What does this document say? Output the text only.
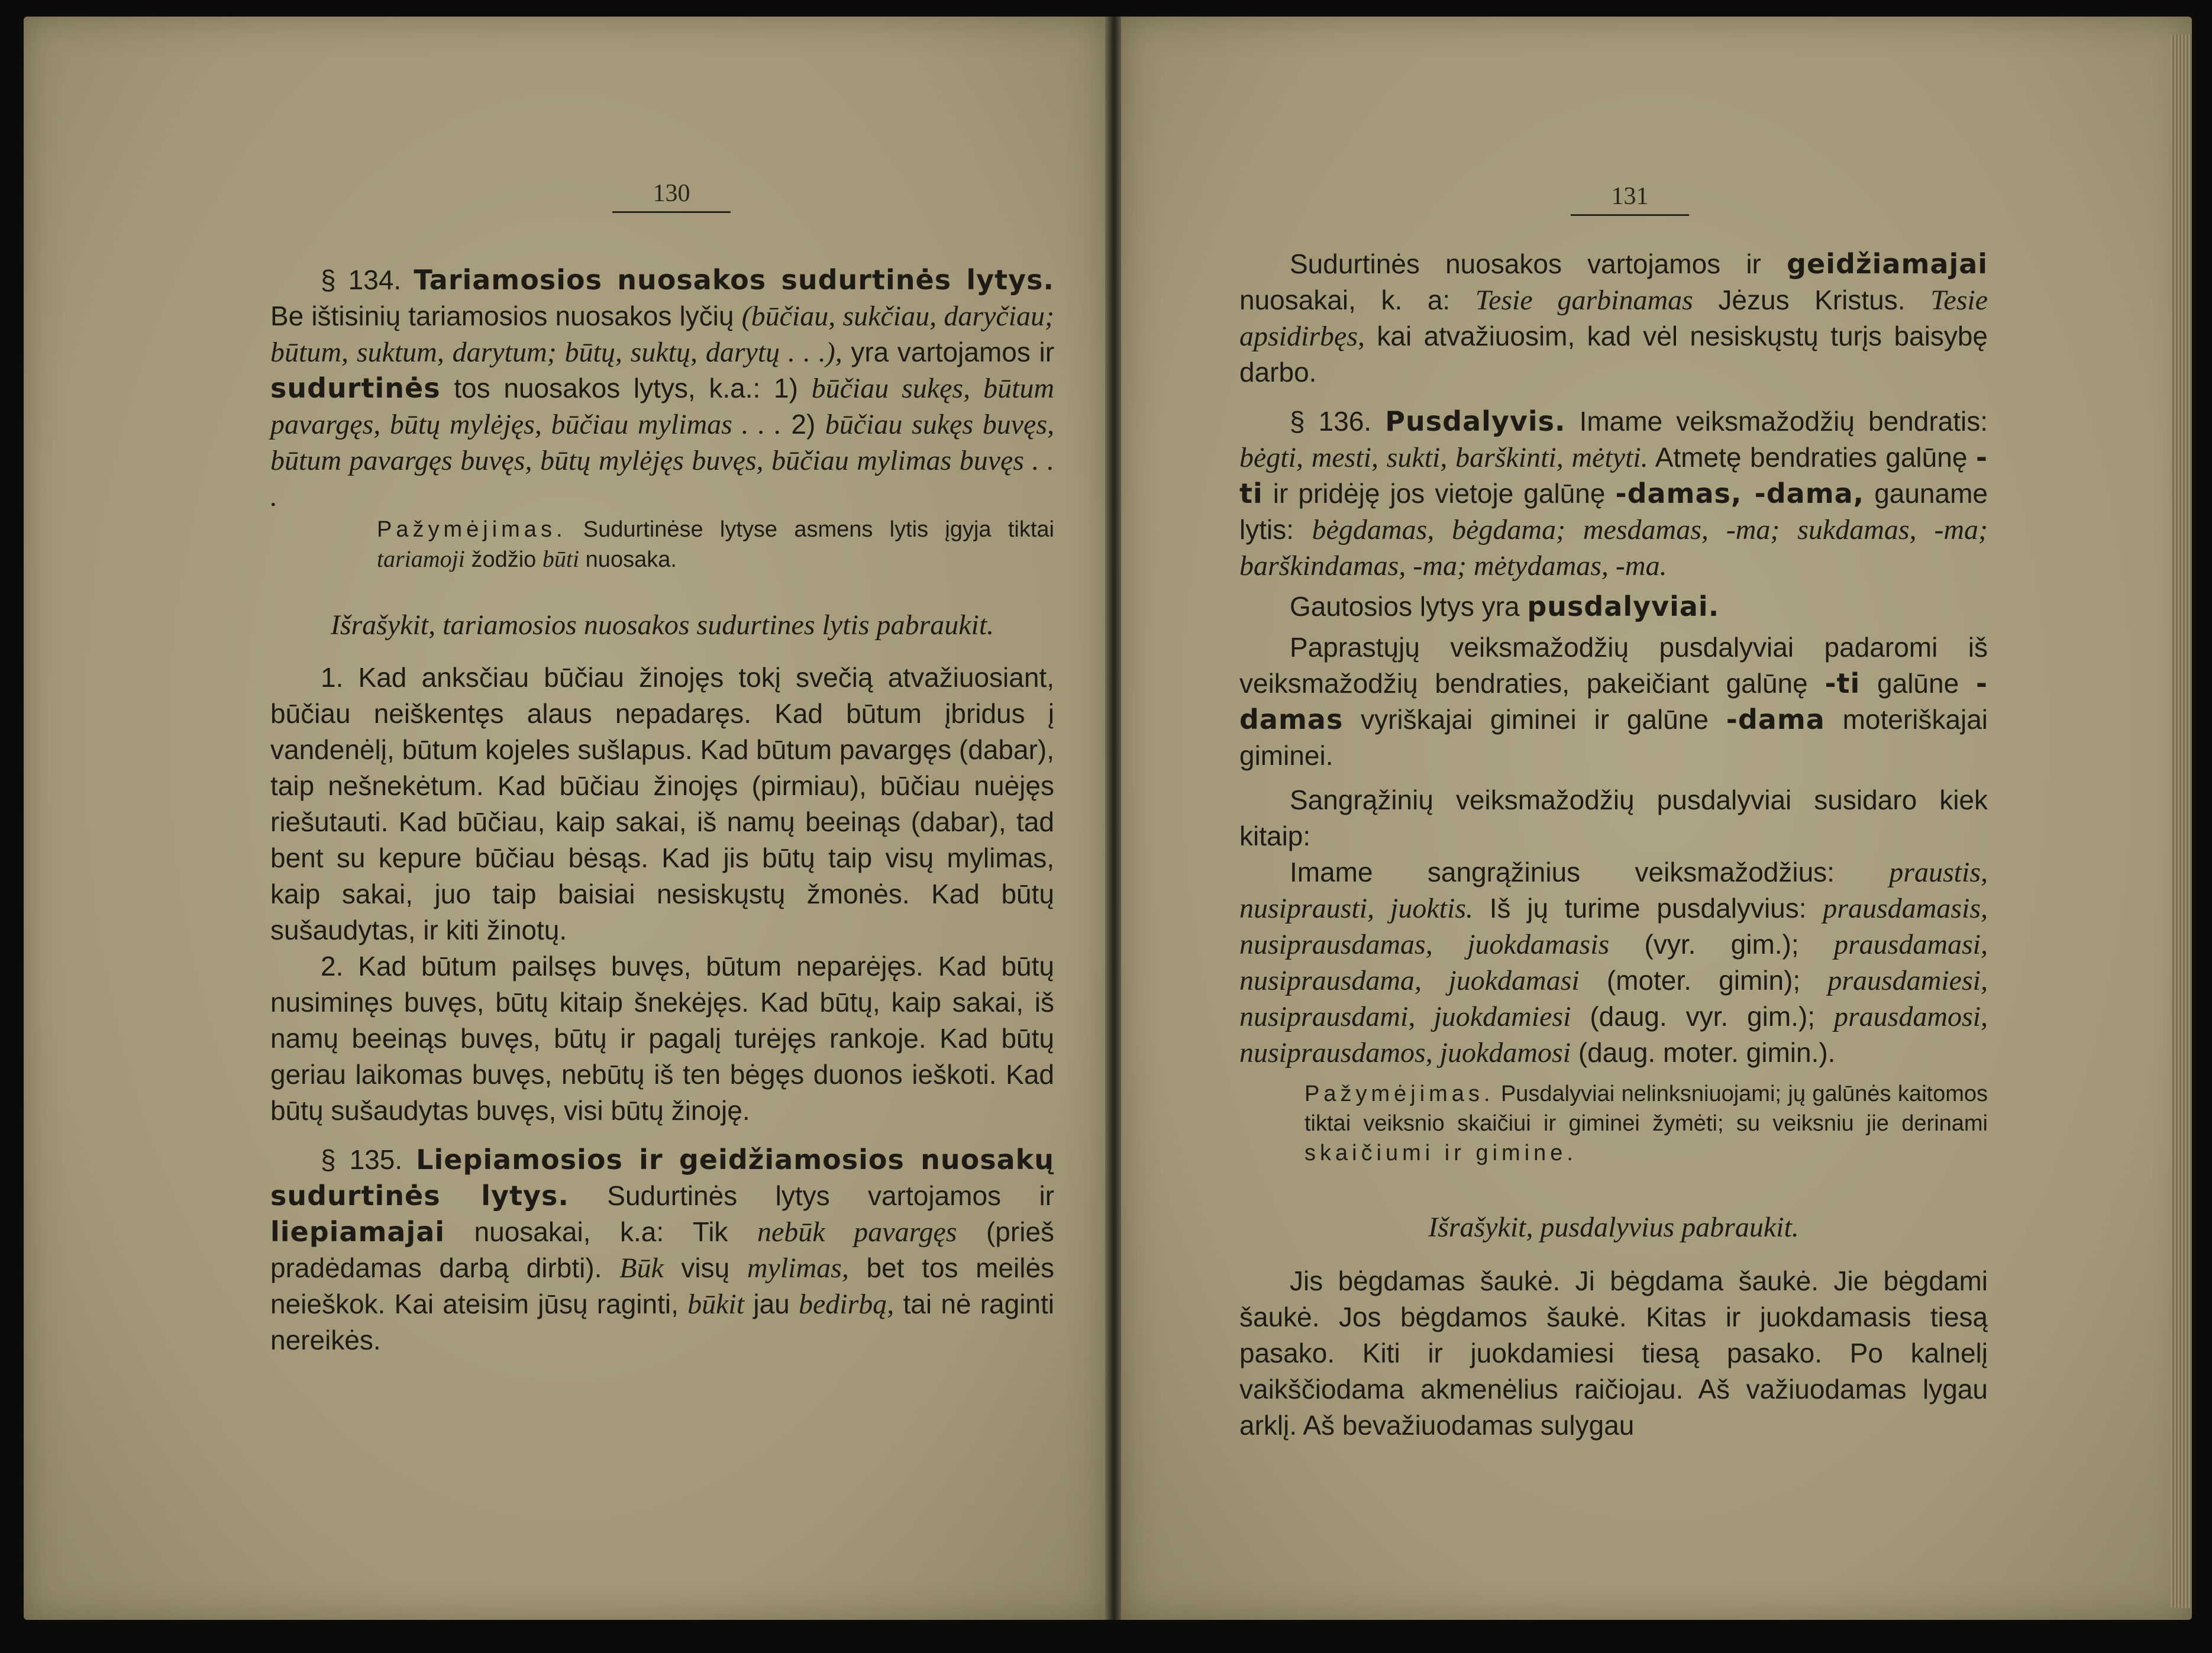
130

§ 134. Tariamosios nuosakos sudurtinės lytys. Be ištisinių tariamosios nuosakos lyčių (būčiau, sukčiau, daryčiau; būtum, suktum, darytum; būtų, suktų, darytų . . .), yra vartojamos ir sudurtinės tos nuosakos lytys, k.a.: 1) būčiau sukęs, būtum pavargęs, būtų mylėjęs, būčiau mylimas . . . 2) būčiau sukęs buvęs, būtum pavargęs buvęs, būtų mylėjęs buvęs, būčiau mylimas buvęs . . .

Pažymėjimas. Sudurtinėse lytyse asmens lytis įgyja tiktai tariamoji žodžio būti nuosaka.

Išrašykit, tariamosios nuosakos sudurtines lytis pabraukit.

1. Kad anksčiau būčiau žinojęs tokį svečią atvažiuosiant, būčiau neiškentęs alaus nepadaręs. Kad būtum įbridus į vandenėlį, būtum kojeles sušlapus. Kad būtum pavargęs (dabar), taip nešnekėtum. Kad būčiau žinojęs (pirmiau), būčiau nuėjęs riešutauti. Kad būčiau, kaip sakai, iš namų beeinąs (dabar), tad bent su kepure būčiau bėsąs. Kad jis būtų taip visų mylimas, kaip sakai, juo taip baisiai nesiskųstų žmonės. Kad būtų sušaudytas, ir kiti žinotų.

2. Kad būtum pailsęs buvęs, būtum neparėjęs. Kad būtų nusiminęs buvęs, būtų kitaip šnekėjęs. Kad būtų, kaip sakai, iš namų beeinąs buvęs, būtų ir pagalį turėjęs rankoje. Kad būtų geriau laikomas buvęs, nebūtų iš ten bėgęs duonos ieškoti. Kad būtų sušaudytas buvęs, visi būtų žinoję.

§ 135. Liepiamosios ir geidžiamosios nuosakų sudurtinės lytys. Sudurtinės lytys vartojamos ir liepiamajai nuosakai, k.a: Tik nebūk pavargęs (prieš pradėdamas darbą dirbti). Būk visų mylimas, bet tos meilės neieškok. Kai ateisim jūsų raginti, būkit jau bedirbą, tai nė raginti nereikės.

131

Sudurtinės nuosakos vartojamos ir geidžiamajai nuosakai, k. a: Tesie garbinamas Jėzus Kristus. Tesie apsidirbęs, kai atvažiuosim, kad vėl nesiskųstų turįs baisybę darbo.

§ 136. Pusdalyvis. Imame veiksmažodžių bendratis: bėgti, mesti, sukti, barškinti, mėtyti. Atmetę bendraties galūnę -ti ir pridėję jos vietoje galūnę -damas, -dama, gauname lytis: bėgdamas, bėgdama; mesdamas, -ma; sukdamas, -ma; barškindamas, -ma; mėtydamas, -ma.

Gautosios lytys yra pusdalyviai.

Paprastųjų veiksmažodžių pusdalyviai padaromi iš veiksmažodžių bendraties, pakeičiant galūnę -ti galūne -damas vyriškajai giminei ir galūne -dama moteriškajai giminei.

Sangrąžinių veiksmažodžių pusdalyviai susidaro kiek kitaip:

Imame sangrąžinius veiksmažodžius: praustis, nusiprausti, juoktis. Iš jų turime pusdalyvius: prausdamasis, nusiprausdamas, juokdamasis (vyr. gim.); prausdamasi, nusiprausdama, juokdamasi (moter. gimin); prausdamiesi, nusiprausdami, juokdamiesi (daug. vyr. gim.); prausdamosi, nusiprausdamos, juokdamosi (daug. moter. gimin.).

Pažymėjimas. Pusdalyviai nelinksniuojami; jų galūnės kaitomos tiktai veiksnio skaičiui ir giminei žymėti; su veiksniu jie derinami skaičiumi ir gimine.

Išrašykit, pusdalyvius pabraukit.

Jis bėgdamas šaukė. Ji bėgdama šaukė. Jie bėgdami šaukė. Jos bėgdamos šaukė. Kitas ir juokdamasis tiesą pasako. Kiti ir juokdamiesi tiesą pasako. Po kalnelį vaikščiodama akmenėlius raičiojau. Aš važiuodamas lygau arklį. Aš bevažiuodamas sulygau
